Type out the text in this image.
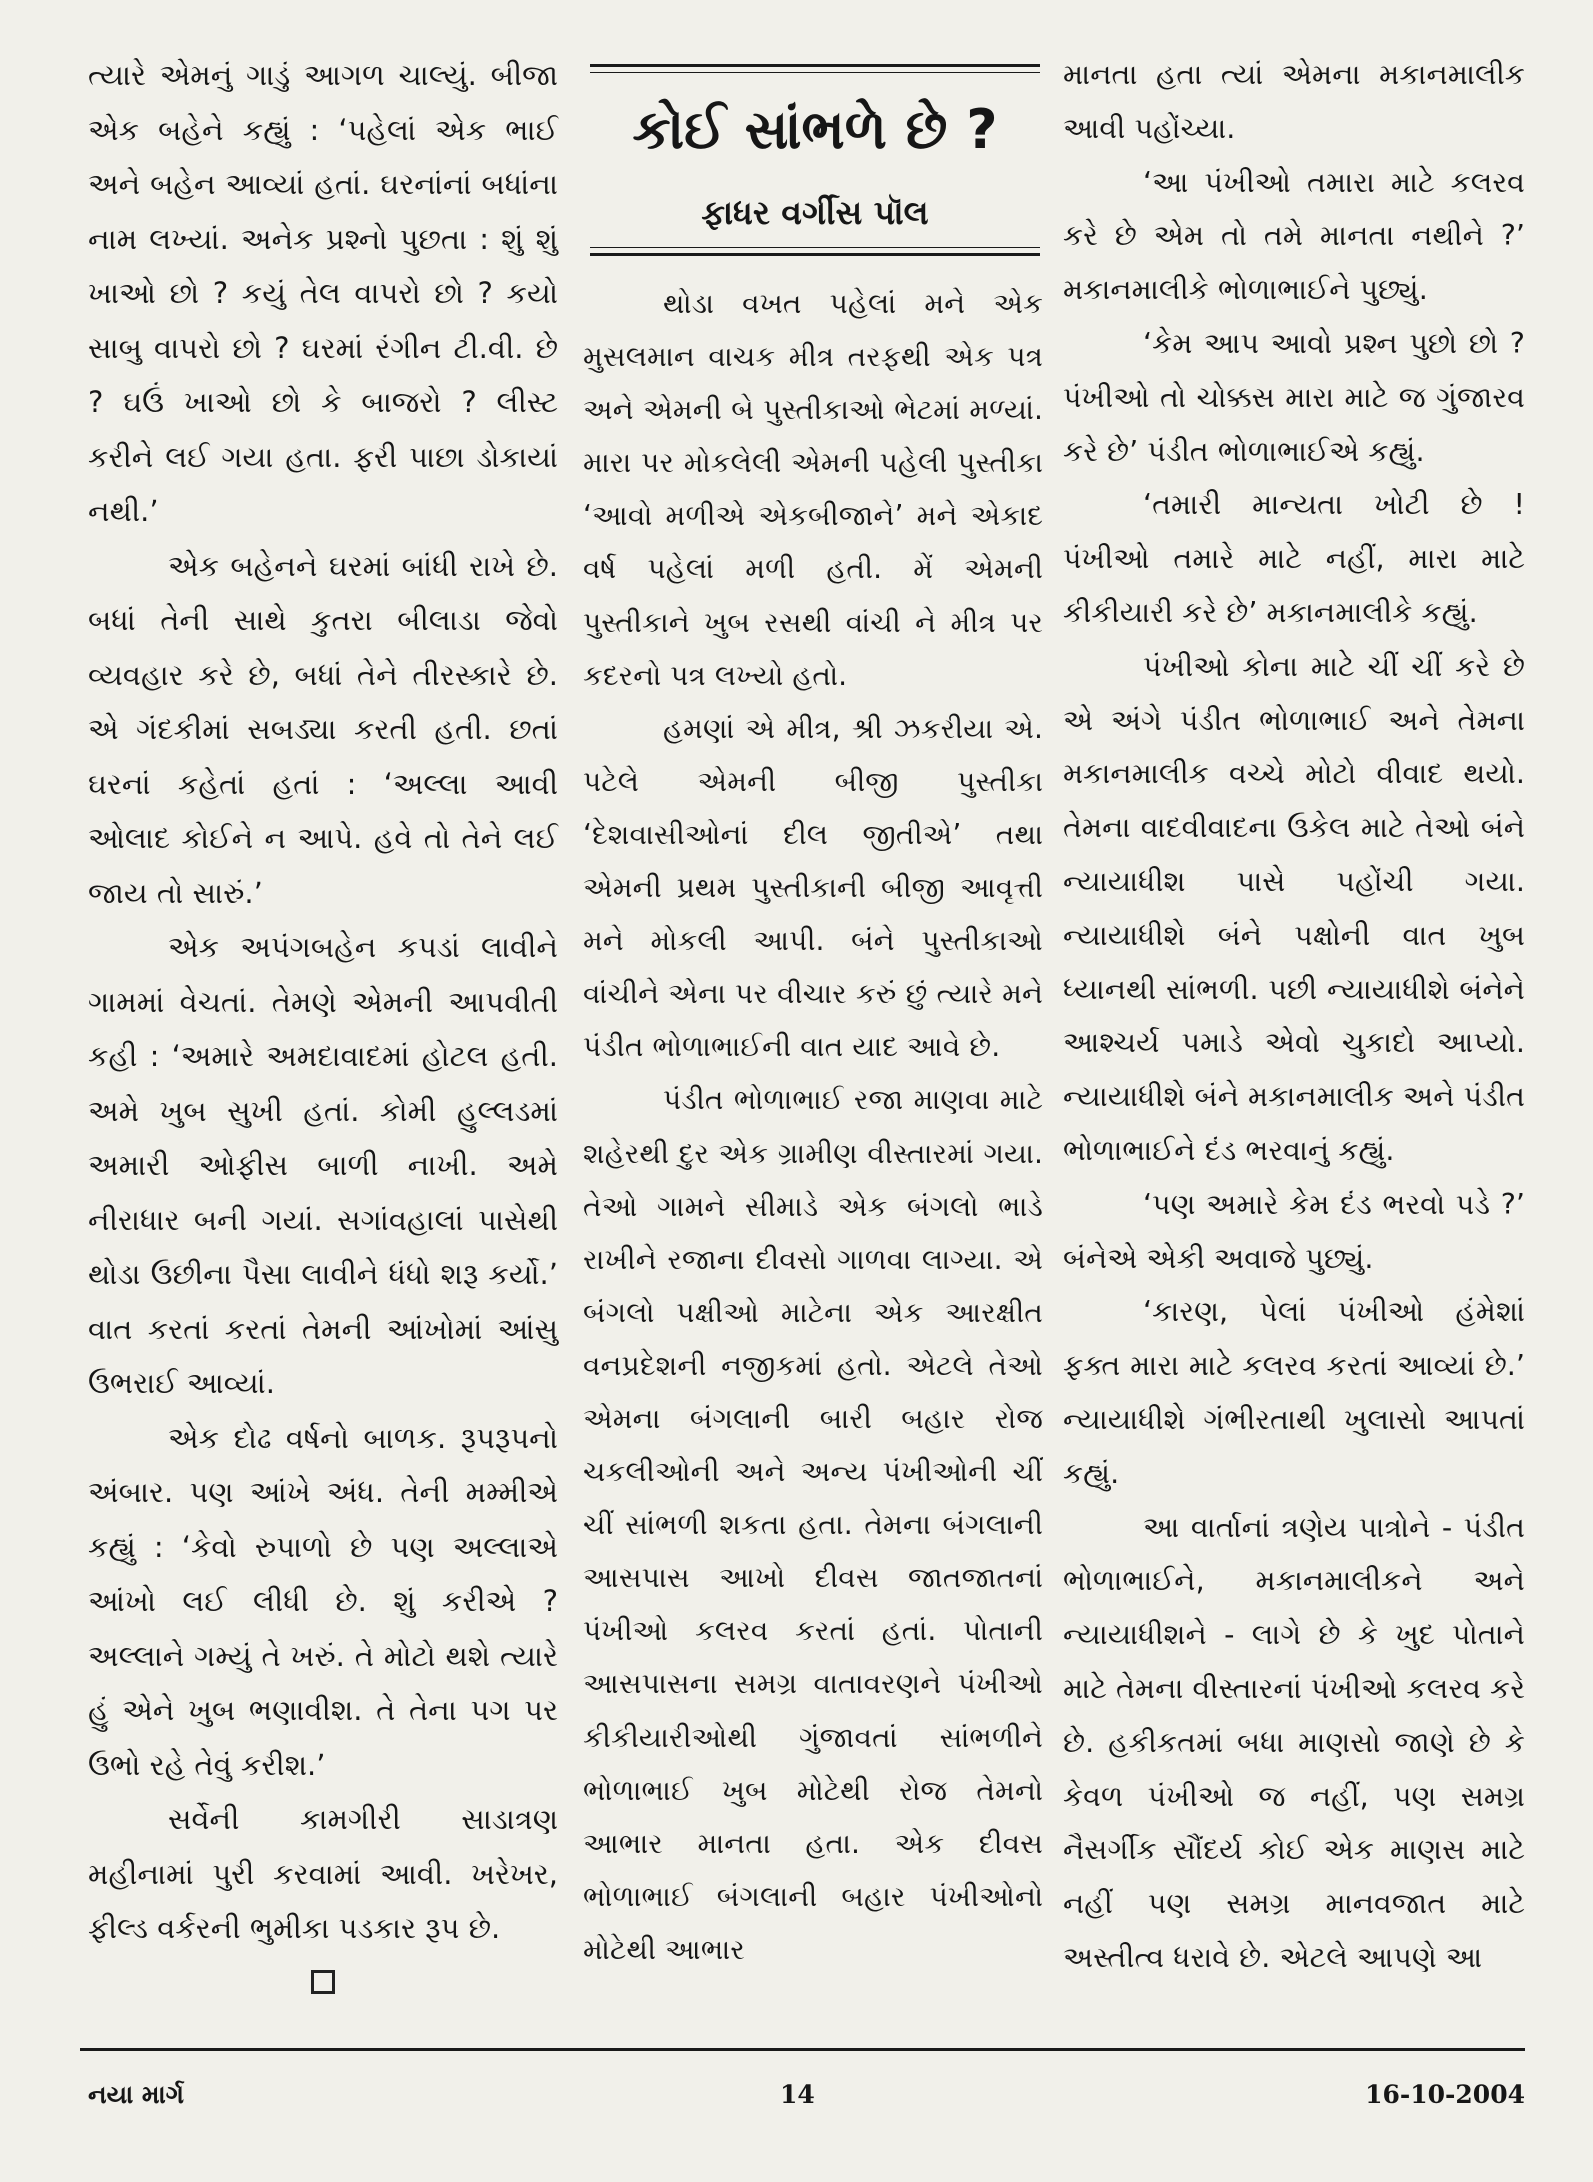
ત્યારે એમનું ગાડું આગળ ચાલ્યું. બીજા એક બહેને કહ્યું : ‘પહેલાં એક ભાઈ અને બહેન આવ્યાં હતાં. ઘરનાંનાં બધાંના નામ લખ્યાં. અનેક પ્રશ્નો પુછતા : શું શું ખાઓ છો ? કયું તેલ વાપરો છો ? કયો સાબુ વાપરો છો ? ઘરમાં રંગીન ટી.વી. છે ? ઘઉં ખાઓ છો કે બાજરો ? લીસ્ટ કરીને લઈ ગયા હતા. ફરી પાછા ડોકાયાં નથી.’

એક બહેનને ઘરમાં બાંધી રાખે છે. બધાં તેની સાથે કુતરા બીલાડા જેવો વ્યવહાર કરે છે, બધાં તેને તીરસ્કારે છે. એ ગંદકીમાં સબડ્યા કરતી હતી. છતાં ઘરનાં કહેતાં હતાં : ‘અલ્લા આવી ઓલાદ કોઈને ન આપે. હવે તો તેને લઈ જાય તો સારું.’

એક અપંગબહેન કપડાં લાવીને ગામમાં વેચતાં. તેમણે એમની આપવીતી કહી : ‘અમારે અમદાવાદમાં હોટલ હતી. અમે ખુબ સુખી હતાં. કોમી હુલ્લડમાં અમારી ઓફીસ બાળી નાખી. અમે નીરાધાર બની ગયાં. સગાંવહાલાં પાસેથી થોડા ઉછીના પૈસા લાવીને ધંધો શરૂ કર્યો.’ વાત કરતાં કરતાં તેમની આંખોમાં આંસુ ઉભરાઈ આવ્યાં.

એક દોઢ વર્ષનો બાળક. રૂપરૂપનો અંબાર. પણ આંખે અંધ. તેની મમ્મીએ કહ્યું : ‘કેવો રુપાળો છે પણ અલ્લાએ આંખો લઈ લીધી છે. શું કરીએ ? અલ્લાને ગમ્યું તે ખરું. તે મોટો થશે ત્યારે હું એને ખુબ ભણાવીશ. તે તેના પગ પર ઉભો રહે તેવું કરીશ.’

સર્વેની કામગીરી સાડાત્રણ મહીનામાં પુરી કરવામાં આવી. ખરેખર, ફીલ્ડ વર્કરની ભુમીકા પડકાર રૂપ છે.

કોઈ સાંભળે છે ?
ફાધર વર્ગીસ પૉલ

થોડા વખત પહેલાં મને એક મુસલમાન વાચક મીત્ર તરફથી એક પત્ર અને એમની બે પુસ્તીકાઓ ભેટમાં મળ્યાં. મારા પર મોકલેલી એમની પહેલી પુસ્તીકા ‘આવો મળીએ એકબીજાને’ મને એકાદ વર્ષ પહેલાં મળી હતી. મેં એમની પુસ્તીકાને ખુબ રસથી વાંચી ને મીત્ર પર કદરનો પત્ર લખ્યો હતો.

હમણાં એ મીત્ર, શ્રી ઝકરીયા એ. પટેલે એમની બીજી પુસ્તીકા ‘દેશવાસીઓનાં દીલ જીતીએ’ તથા એમની પ્રથમ પુસ્તીકાની બીજી આવૃત્તી મને મોકલી આપી. બંને પુસ્તીકાઓ વાંચીને એના પર વીચાર કરું છું ત્યારે મને પંડીત ભોળાભાઈની વાત યાદ આવે છે.

પંડીત ભોળાભાઈ રજા માણવા માટે શહેરથી દુર એક ગ્રામીણ વીસ્તારમાં ગયા. તેઓ ગામને સીમાડે એક બંગલો ભાડે રાખીને રજાના દીવસો ગાળવા લાગ્યા. એ બંગલો પક્ષીઓ માટેના એક આરક્ષીત વનપ્રદેશની નજીકમાં હતો. એટલે તેઓ એમના બંગલાની બારી બહાર રોજ ચકલીઓની અને અન્ય પંખીઓની ચીં ચીં સાંભળી શકતા હતા. તેમના બંગલાની આસપાસ આખો દીવસ જાતજાતનાં પંખીઓ કલરવ કરતાં હતાં. પોતાની આસપાસના સમગ્ર વાતાવરણને પંખીઓ કીકીયારીઓથી ગુંજાવતાં સાંભળીને ભોળાભાઈ ખુબ મોટેથી રોજ તેમનો આભાર માનતા હતા. એક દીવસ ભોળાભાઈ બંગલાની બહાર પંખીઓનો મોટેથી આભાર

માનતા હતા ત્યાં એમના મકાનમાલીક આવી પહોંચ્યા.

‘આ પંખીઓ તમારા માટે કલરવ કરે છે એમ તો તમે માનતા નથીને ?’ મકાનમાલીકે ભોળાભાઈને પુછ્યું.

‘કેમ આપ આવો પ્રશ્ન પુછો છો ? પંખીઓ તો ચોક્કસ મારા માટે જ ગુંજારવ કરે છે’ પંડીત ભોળાભાઈએ કહ્યું.

‘તમારી માન્યતા ખોટી છે ! પંખીઓ તમારે માટે નહીં, મારા માટે કીકીયારી કરે છે’ મકાનમાલીકે કહ્યું.

પંખીઓ કોના માટે ચીં ચીં કરે છે એ અંગે પંડીત ભોળાભાઈ અને તેમના મકાનમાલીક વચ્ચે મોટો વીવાદ થયો. તેમના વાદવીવાદના ઉકેલ માટે તેઓ બંને ન્યાયાધીશ પાસે પહોંચી ગયા. ન્યાયાધીશે બંને પક્ષોની વાત ખુબ ધ્યાનથી સાંભળી. પછી ન્યાયાધીશે બંનેને આશ્ચર્ય પમાડે એવો ચુકાદો આપ્યો. ન્યાયાધીશે બંને મકાનમાલીક અને પંડીત ભોળાભાઈને દંડ ભરવાનું કહ્યું.

‘પણ અમારે કેમ દંડ ભરવો પડે ?’ બંનેએ એકી અવાજે પુછ્યું.

‘કારણ, પેલાં પંખીઓ હંમેશાં ફક્ત મારા માટે કલરવ કરતાં આવ્યાં છે.’ ન્યાયાધીશે ગંભીરતાથી ખુલાસો આપતાં કહ્યું.

આ વાર્તાનાં ત્રણેય પાત્રોને - પંડીત ભોળાભાઈને, મકાનમાલીકને અને ન્યાયાધીશને - લાગે છે કે ખુદ પોતાને માટે તેમના વીસ્તારનાં પંખીઓ કલરવ કરે છે. હકીકતમાં બધા માણસો જાણે છે કે કેવળ પંખીઓ જ નહીં, પણ સમગ્ર નૈસર્ગીક સૌંદર્ય કોઈ એક માણસ માટે નહીં પણ સમગ્ર માનવજાત માટે અસ્તીત્વ ધરાવે છે. એટલે આપણે આ

નયા માર્ગ	14	16-10-2004
